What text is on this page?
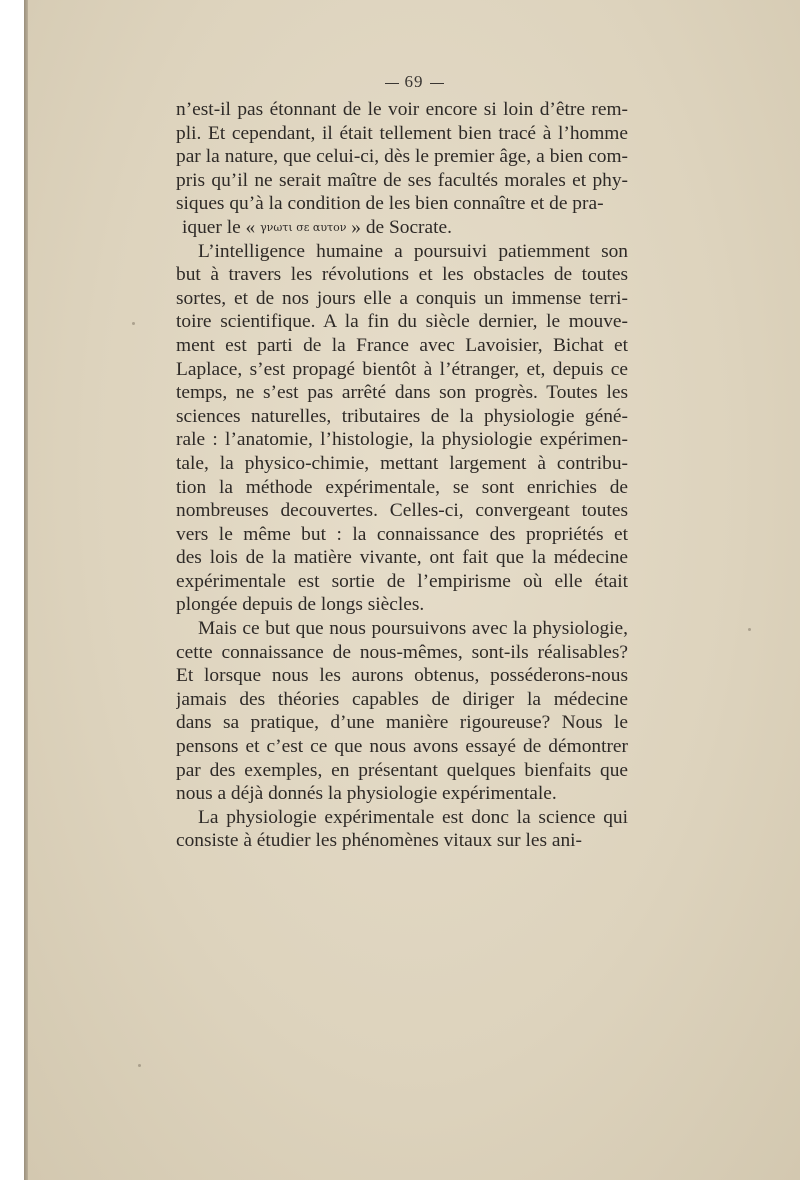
69
n’est-il pas étonnant de le voir encore si loin d’être rem-
pli. Et cependant, il était tellement bien tracé à l’homme
par la nature, que celui-ci, dès le premier âge, a bien com-
pris qu’il ne serait maître de ses facultés morales et phy-
siques qu’à la condition de les bien connaître et de pra-
iquer le « γνωτι σε αυτον » de Socrate.
L’intelligence humaine a poursuivi patiemment son
but à travers les révolutions et les obstacles de toutes
sortes, et de nos jours elle a conquis un immense terri-
toire scientifique. A la fin du siècle dernier, le mouve-
ment est parti de la France avec Lavoisier, Bichat et
Laplace, s’est propagé bientôt à l’étranger, et, depuis ce
temps, ne s’est pas arrêté dans son progrès. Toutes les
sciences naturelles, tributaires de la physiologie géné-
rale : l’anatomie, l’histologie, la physiologie expérimen-
tale, la physico-chimie, mettant largement à contribu-
tion la méthode expérimentale, se sont enrichies de
nombreuses decouvertes. Celles-ci, convergeant toutes
vers le même but : la connaissance des propriétés et
des lois de la matière vivante, ont fait que la médecine
expérimentale est sortie de l’empirisme où elle était
plongée depuis de longs siècles.
Mais ce but que nous poursuivons avec la physiologie,
cette connaissance de nous-mêmes, sont-ils réalisables?
Et lorsque nous les aurons obtenus, posséderons-nous
jamais des théories capables de diriger la médecine
dans sa pratique, d’une manière rigoureuse? Nous le
pensons et c’est ce que nous avons essayé de démontrer
par des exemples, en présentant quelques bienfaits que
nous a déjà donnés la physiologie expérimentale.
La physiologie expérimentale est donc la science qui
consiste à étudier les phénomènes vitaux sur les ani-
